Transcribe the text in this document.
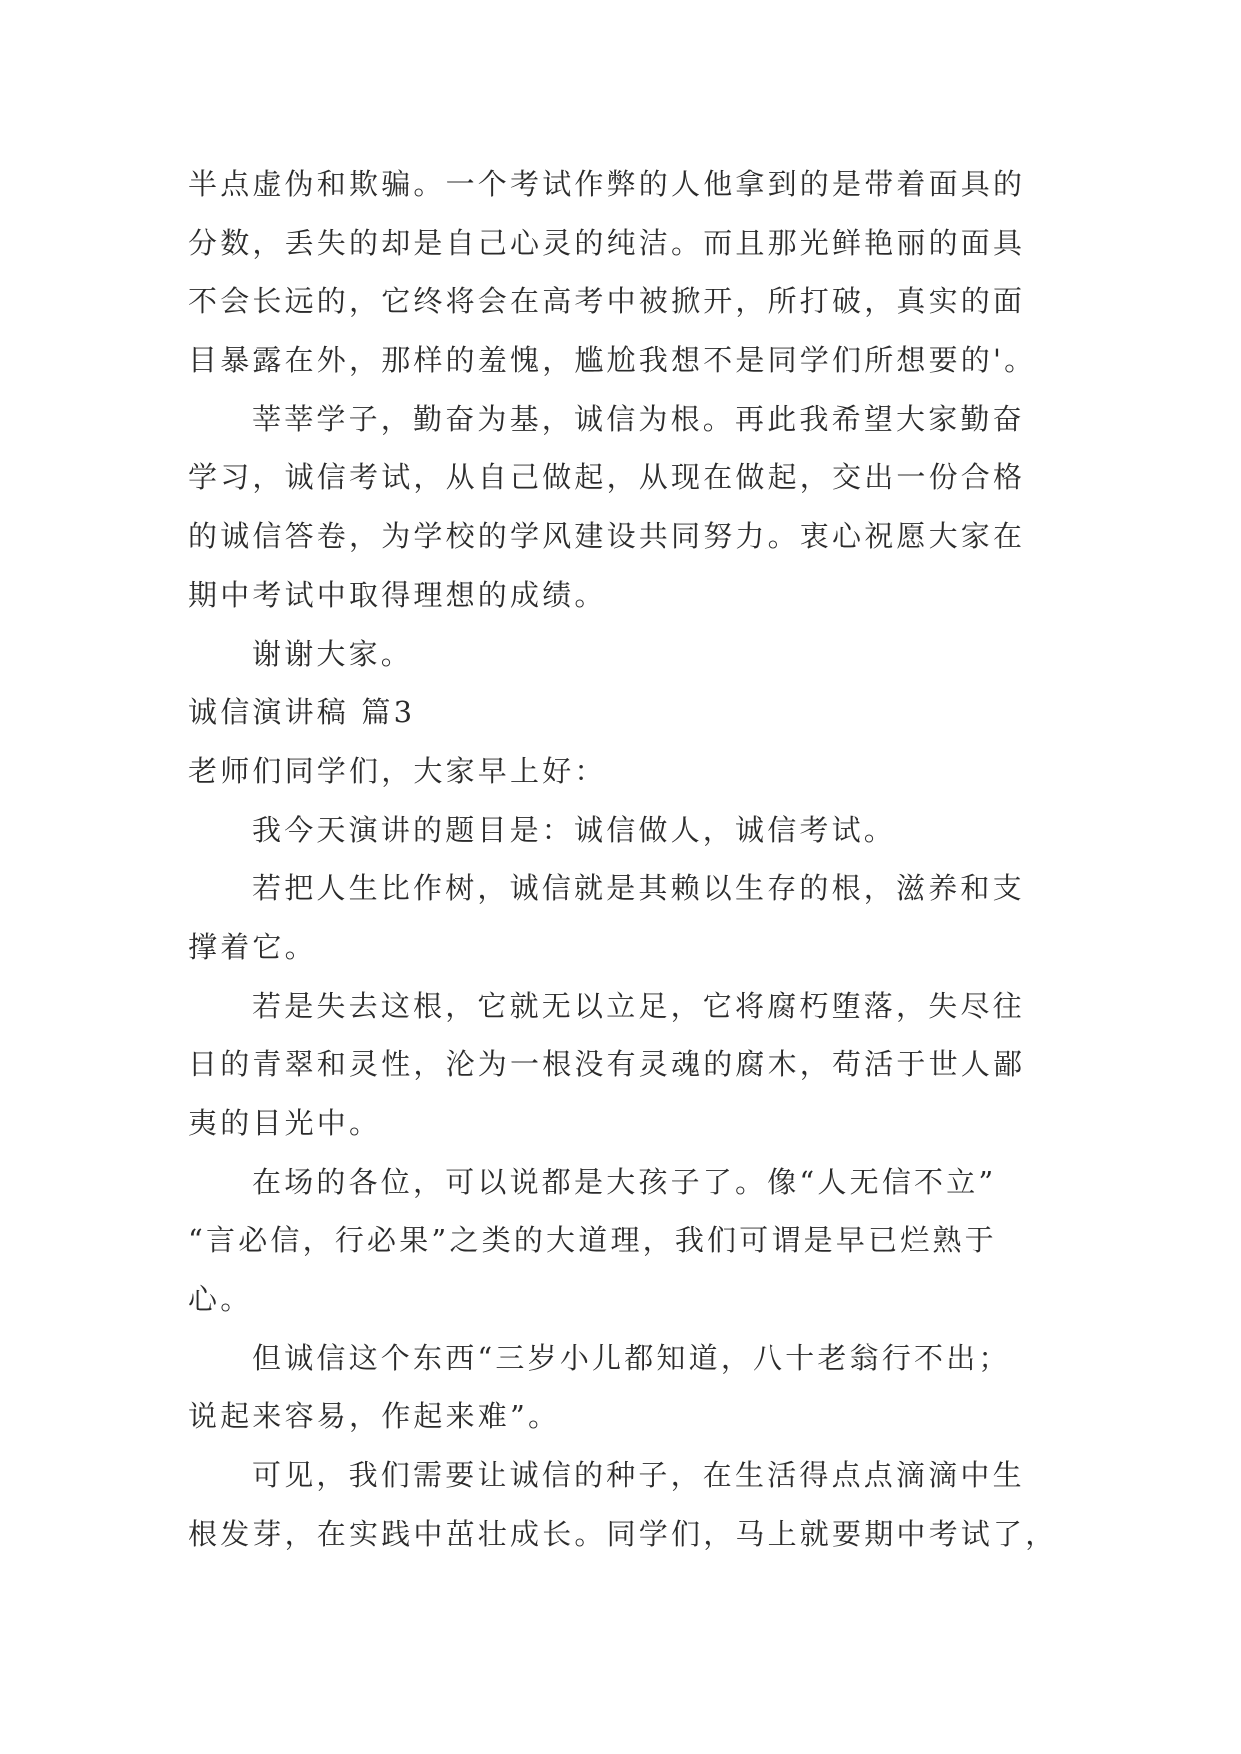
半点虚伪和欺骗。一个考试作弊的人他拿到的是带着面具的
分数，丢失的却是自己心灵的纯洁。而且那光鲜艳丽的面具
不会长远的，它终将会在高考中被掀开，所打破，真实的面
目暴露在外，那样的羞愧，尴尬我想不是同学们所想要的'。
莘莘学子，勤奋为基，诚信为根。再此我希望大家勤奋
学习，诚信考试，从自己做起，从现在做起，交出一份合格
的诚信答卷，为学校的学风建设共同努力。衷心祝愿大家在
期中考试中取得理想的成绩。
谢谢大家。
诚信演讲稿 篇3
老师们同学们，大家早上好：
我今天演讲的题目是：诚信做人，诚信考试。
若把人生比作树，诚信就是其赖以生存的根，滋养和支
撑着它。
若是失去这根，它就无以立足，它将腐朽堕落，失尽往
日的青翠和灵性，沦为一根没有灵魂的腐木，苟活于世人鄙
夷的目光中。
在场的各位，可以说都是大孩子了。像“人无信不立”
“言必信，行必果”之类的大道理，我们可谓是早已烂熟于
心。
但诚信这个东西“三岁小儿都知道，八十老翁行不出；
说起来容易，作起来难”。
可见，我们需要让诚信的种子，在生活得点点滴滴中生
根发芽，在实践中茁壮成长。同学们，马上就要期中考试了，
